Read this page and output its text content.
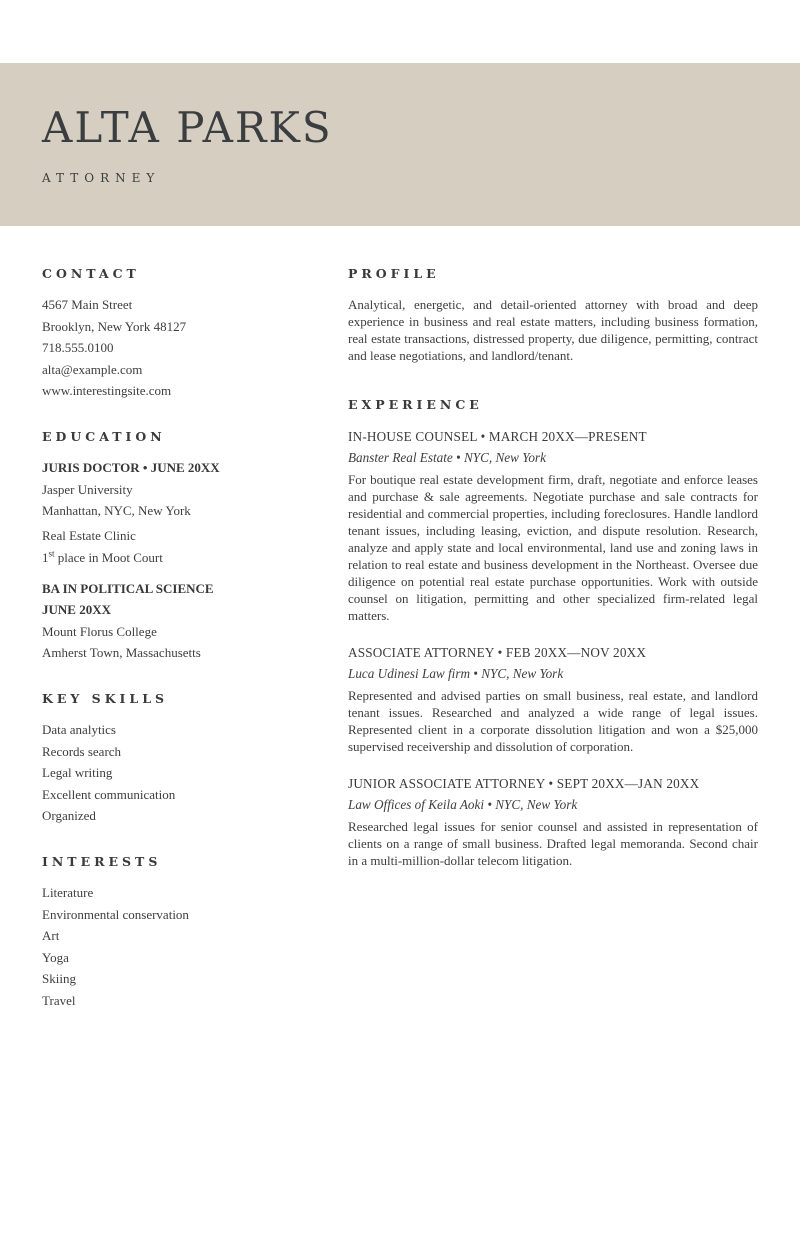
ALTA PARKS
ATTORNEY
CONTACT
4567 Main Street
Brooklyn, New York 48127
718.555.0100
alta@example.com
www.interestingsite.com
EDUCATION
JURIS DOCTOR • JUNE 20XX
Jasper University
Manhattan, NYC, New York
Real Estate Clinic
1st place in Moot Court
BA IN POLITICAL SCIENCE
JUNE 20XX
Mount Florus College
Amherst Town, Massachusetts
KEY SKILLS
Data analytics
Records search
Legal writing
Excellent communication
Organized
INTERESTS
Literature
Environmental conservation
Art
Yoga
Skiing
Travel
PROFILE

Analytical, energetic, and detail-oriented attorney with broad and deep experience in business and real estate matters, including business formation, real estate transactions, distressed property, due diligence, permitting, contract and lease negotiations, and landlord/tenant.

EXPERIENCE
IN-HOUSE COUNSEL • MARCH 20XX—PRESENT
Banster Real Estate • NYC, New York

For boutique real estate development firm, draft, negotiate and enforce leases and purchase & sale agreements. Negotiate purchase and sale contracts for residential and commercial properties, including foreclosures. Handle landlord tenant issues, including leasing, eviction, and dispute resolution. Research, analyze and apply state and local environmental, land use and zoning laws in relation to real estate and business development in the Northeast. Oversee due diligence on potential real estate purchase opportunities. Work with outside counsel on litigation, permitting and other specialized firm-related legal matters.

ASSOCIATE ATTORNEY • FEB 20XX—NOV 20XX
Luca Udinesi Law firm • NYC, New York

Represented and advised parties on small business, real estate, and landlord tenant issues. Researched and analyzed a wide range of legal issues. Represented client in a corporate dissolution litigation and won a $25,000 supervised receivership and dissolution of corporation.

JUNIOR ASSOCIATE ATTORNEY • SEPT 20XX—JAN 20XX
Law Offices of Keila Aoki • NYC, New York

Researched legal issues for senior counsel and assisted in representation of clients on a range of small business. Drafted legal memoranda. Second chair in a multi-million-dollar telecom litigation.
